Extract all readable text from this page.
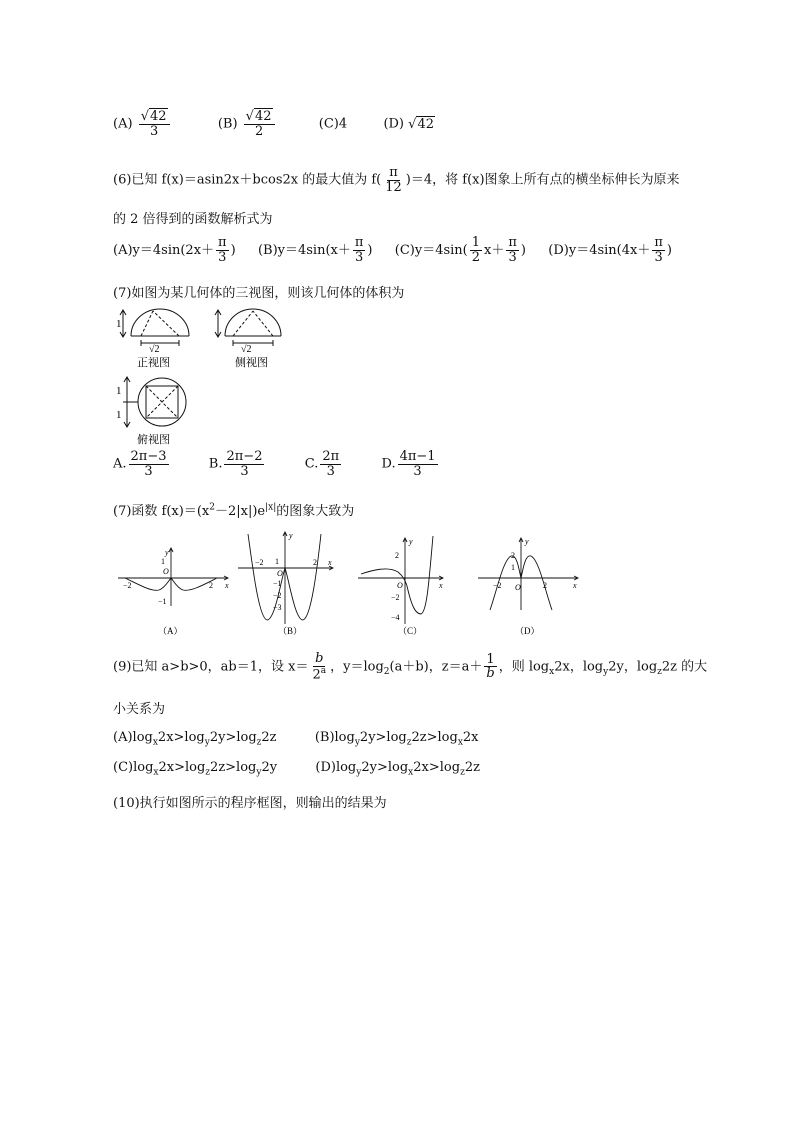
$(A) \frac{√42}{3}$	$(B) \frac{√42}{2}$	(C)4	(D) √42
(6)已知 f(x)＝asin2x＋bcos2x 的最大值为 $f( \frac{\pi}{12} )=4$，将 f(x)图象上所有点的横坐标伸长为原来
的 2 倍得到的函数解析式为
$(A)y=4\sin(2x+ \frac{\pi}{3}$ ) $(B)y=4\sin(x+ \frac{\pi}{3}$ ) $(C)y=4\sin( \frac{1}{2} x+ \frac{\pi}{3}$ ) $(D)y=4\sin(4x+ \frac{\pi}{3}$ )
(7)如图为某几何体的三视图，则该几何体的体积为
1
√2
正视图
√2
侧视图
1
1
俯视图
A. $\frac{2\pi-3}{3}$	B. $\frac{2\pi-2}{3}$	C. $\frac{2\pi}{3}$	D. $\frac{4\pi-1}{3}$
(7)函数 $f(x)=(x^2-2|x|)e^{|x|}$的图象大致为
y
x
O
−2	2
1
−1
（A）
y
x
O
−2	2
1
−1
−2
−3
（B）
y
x
O
2
−2
−4
（C）
y
x
O
−2	2
2
1
（D）
(9)已知 a>b>0，ab＝1，设 $x= \frac{b}{2^a}$ ，$y=\log_2(a+b)$，$z=a+ \frac{1}{b}$ ，则 $\log_x2x$，$\log_y2y$，$\log_z2z$ 的大
小关系为
$(A)\log_x2x>\log_y2y>\log_z2z$	$(B)\log_y2y>\log_z2z>\log_x2x$
$(C)\log_x2x>\log_z2z>\log_y2y$	$(D)\log_y2y>\log_x2x>\log_z2z$
(10)执行如图所示的程序框图，则输出的结果为
